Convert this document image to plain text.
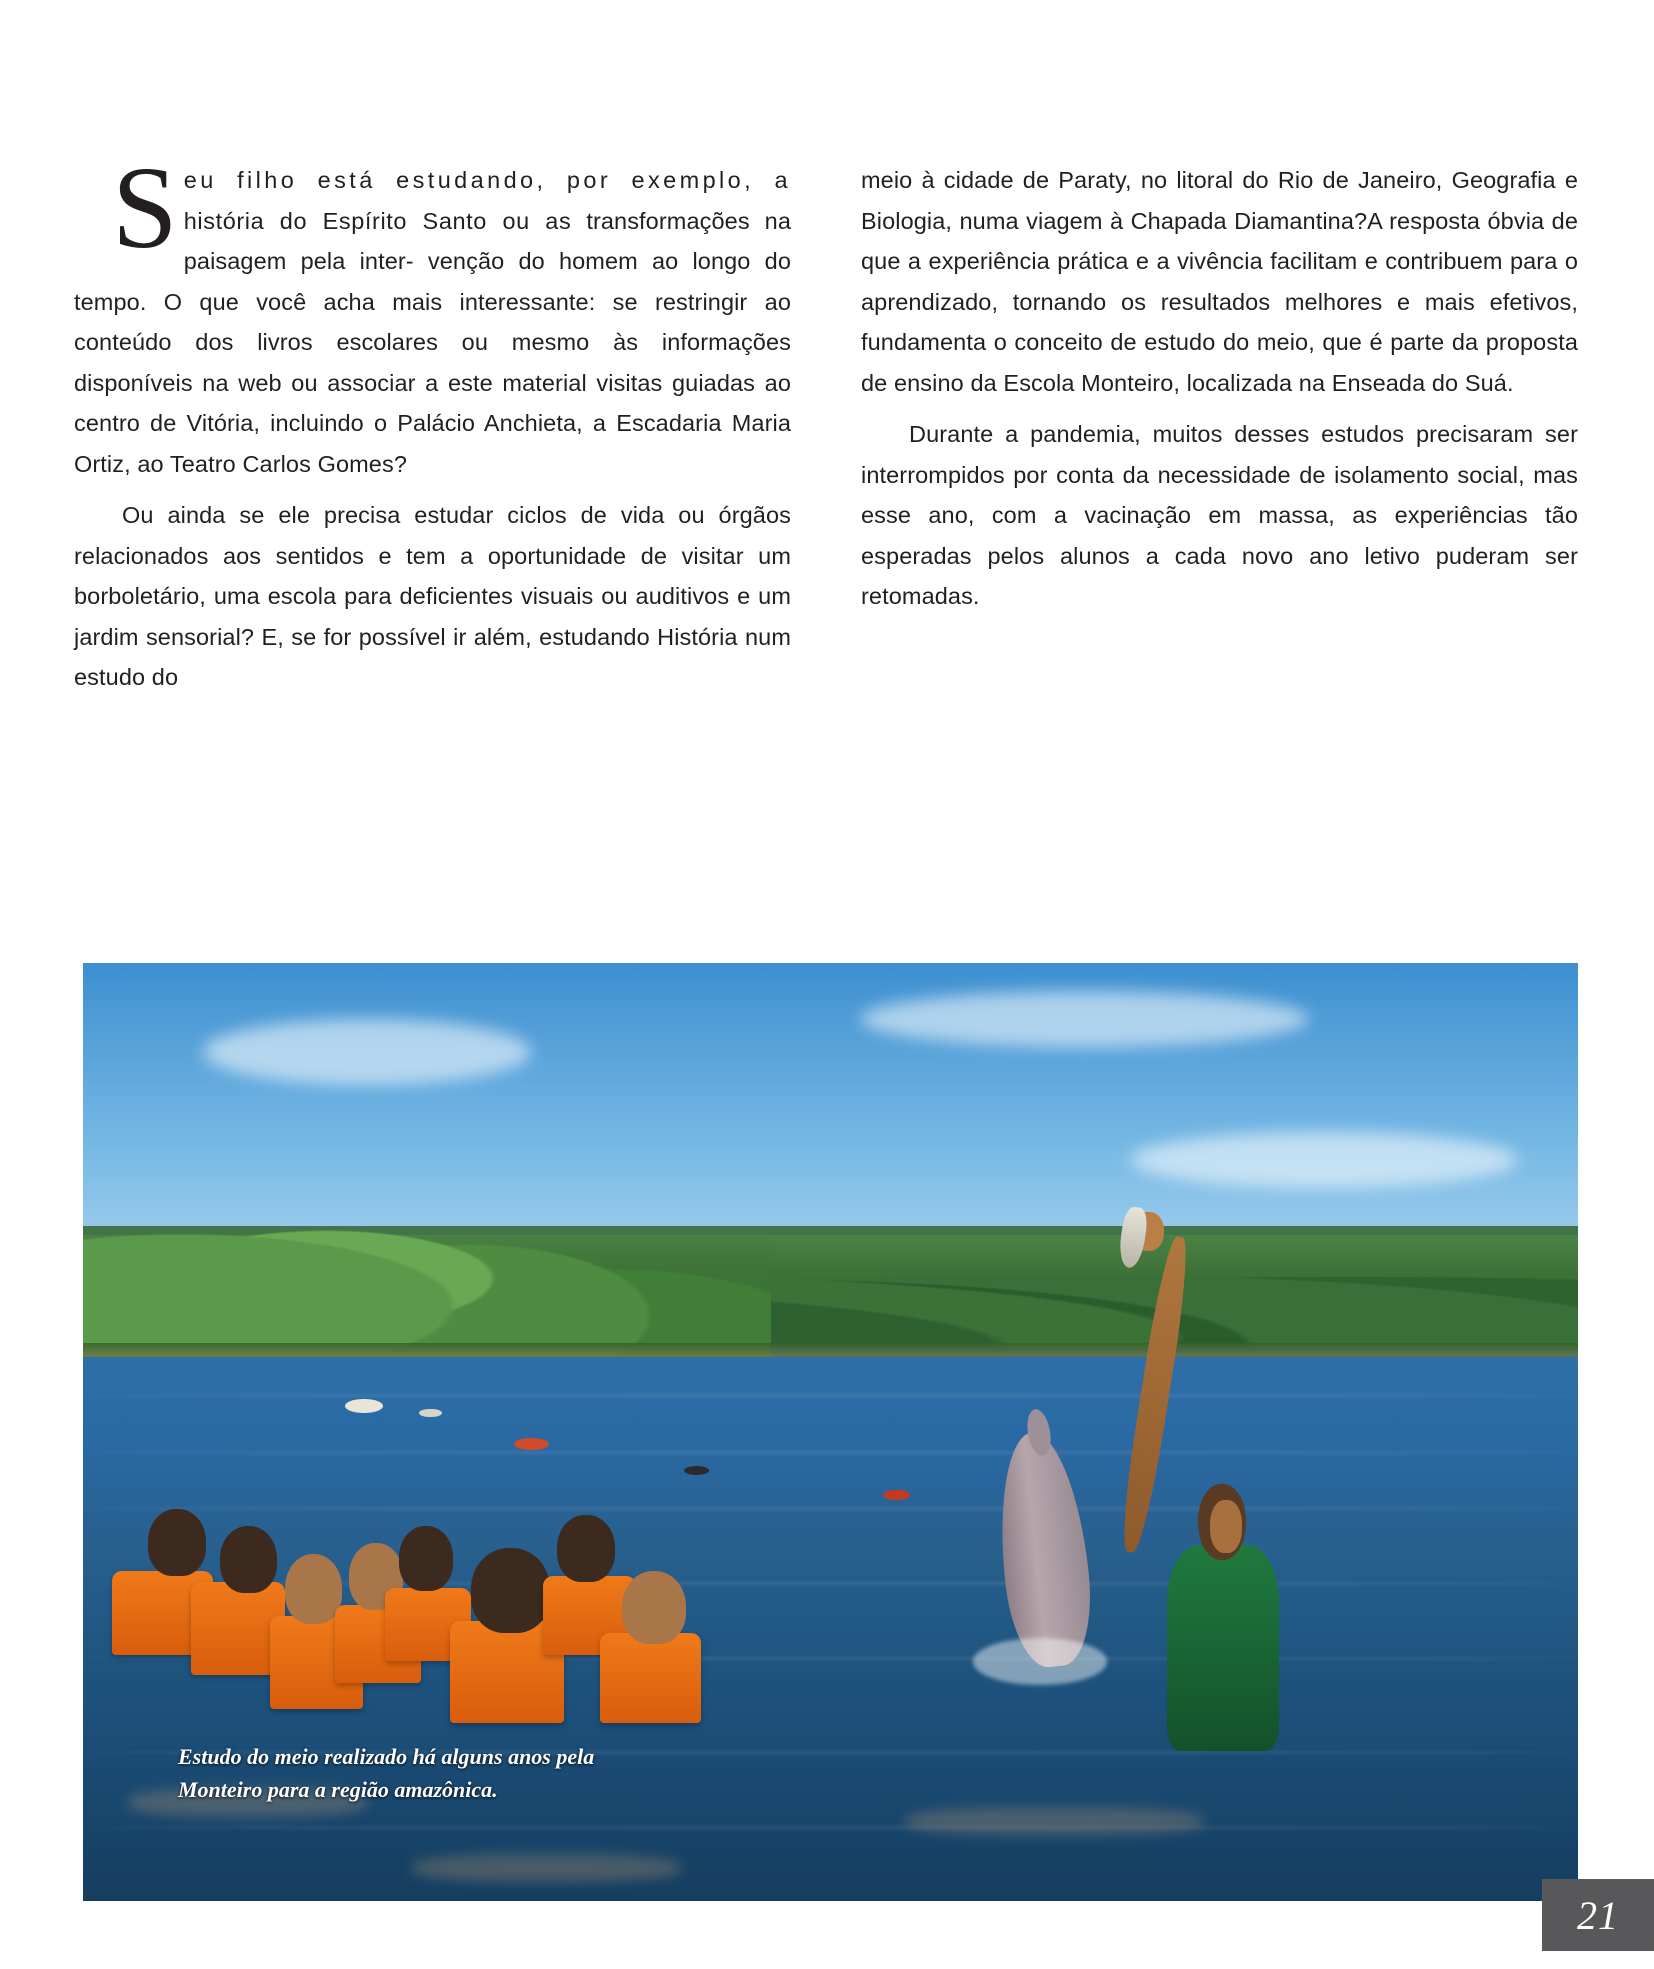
Seu filho está estudando, por exemplo, a história do Espírito Santo ou as transformações na paisagem pela inter- venção do homem ao longo do tempo. O que você acha mais interessante: se restringir ao conteúdo dos livros escolares ou mesmo às informações disponíveis na web ou associar a este material visitas guiadas ao centro de Vitória, incluindo o Palácio Anchieta, a Escadaria Maria Ortiz, ao Teatro Carlos Gomes?

Ou ainda se ele precisa estudar ciclos de vida ou órgãos relacionados aos sentidos e tem a oportunidade de visitar um borboletário, uma escola para deficientes visuais ou auditivos e um jardim sensorial? E, se for possível ir além, estudando História num estudo do

meio à cidade de Paraty, no litoral do Rio de Janeiro, Geografia e Biologia, numa viagem à Chapada Diamantina?A resposta óbvia de que a experiência prática e a vivência facilitam e contribuem para o aprendizado, tornando os resultados melhores e mais efetivos, fundamenta o conceito de estudo do meio, que é parte da proposta de ensino da Escola Monteiro, localizada na Enseada do Suá.

Durante a pandemia, muitos desses estudos precisaram ser interrompidos por conta da necessidade de isolamento social, mas esse ano, com a vacinação em massa, as experiências tão esperadas pelos alunos a cada novo ano letivo puderam ser retomadas.

Estudo do meio realizado há alguns anos pela
Monteiro para a região amazônica.
21
